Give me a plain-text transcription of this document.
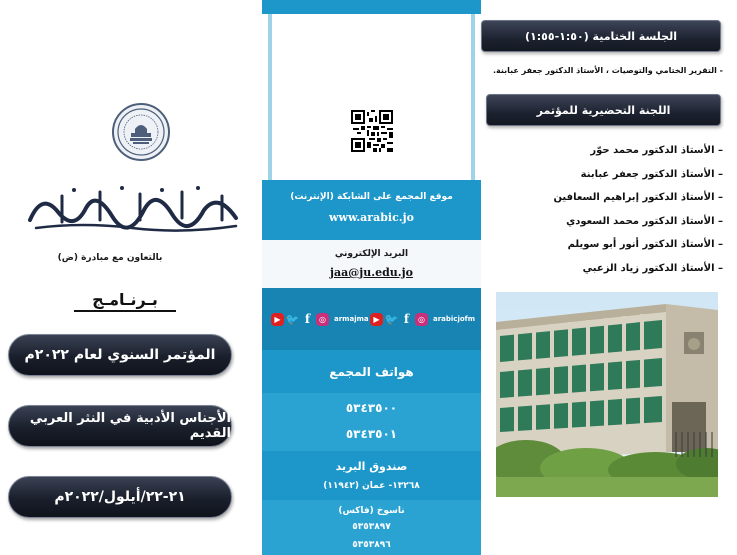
بالتعاون مع مبادرة (ض)
بـرنـامـج
المؤتمر السنوي لعام ٢٠٢٢م
الأجناس الأدبية في النثر العربي القديم
٢١-٢٢/أيلول/٢٠٢٢م
موقع المجمع على الشابكة (الإنترنت)
www.arabic.jo
البريد الإلكتروني
jaa@ju.edu.jo
▶ 🐦 f	◎	armajma ▶ 🐦 f	◎	arabicjofm
هواتف المجمع
٥٣٤٣٥٠٠
٥٣٤٣٥٠١
صندوق البريد
١٣٢٦٨- عمان (١١٩٤٢)
ناسوخ (فاكس)
٥٣٥٣٨٩٧
٥٣٥٣٨٩٦
الجلسة الختامية (١:٥٠-١:٥٥)
- التقرير الختامي والتوصيات ، الأستاذ الدكتور جعفر عبابنة.
اللجنة التحضيرية للمؤتمر
– الأستاذ الدكتور محمد حوّر
– الأستاذ الدكتور جعفر عبابنة
– الأستاذ الدكتور إبراهيم السعافين
– الأستاذ الدكتور محمد السعودي
– الأستاذ الدكتور أنور أبو سويلم
– الأستاذ الدكتور زياد الزعبي
